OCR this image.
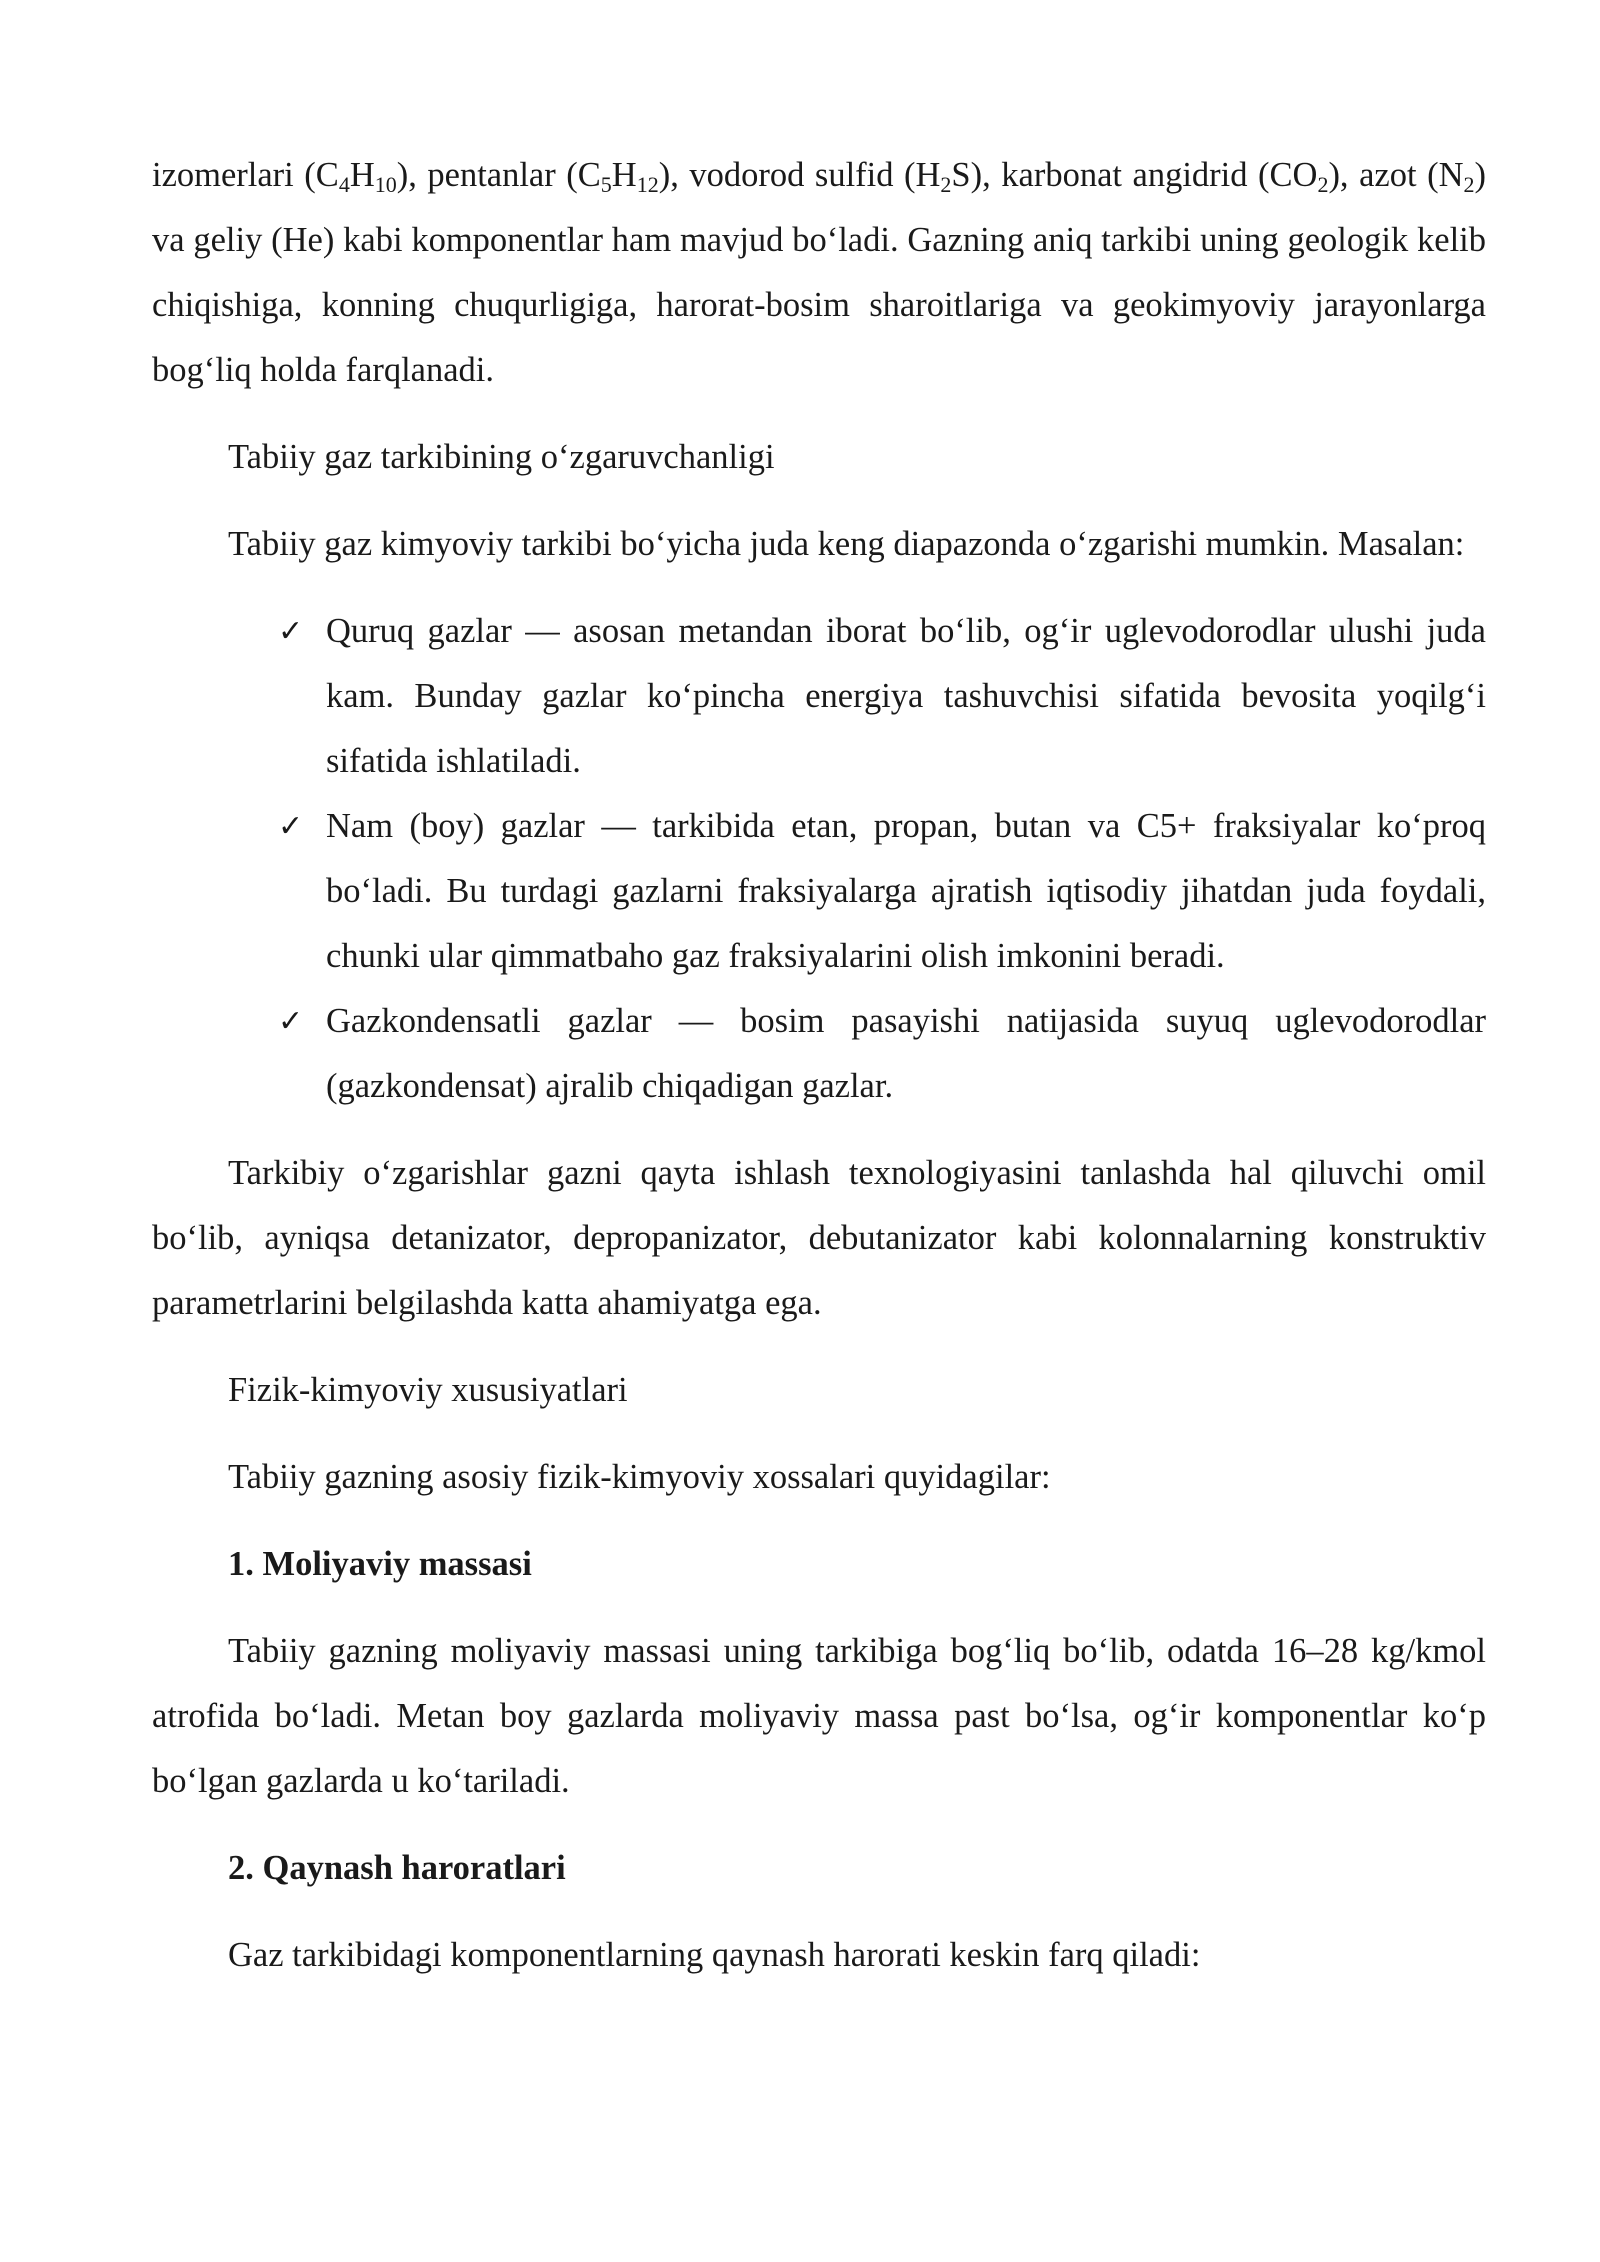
izomerlari $(C_4H_{10})$, pentanlar $(C_5H_{12})$, vodorod sulfid $(H_2S)$, karbonat angidrid $(CO_2)$, azot $(N_2)$ va geliy (He) kabi komponentlar ham mavjud bo‘ladi. Gazning aniq tarkibi uning geologik kelib chiqishiga, konning chuqurligiga, harorat-bosim sharoitlariga va geokimyoviy jarayonlarga bog‘liq holda farqlanadi.

Tabiiy gaz tarkibining o‘zgaruvchanligi

Tabiiy gaz kimyoviy tarkibi bo‘yicha juda keng diapazonda o‘zgarishi mumkin. Masalan:

✓ Quruq gazlar — asosan metandan iborat bo‘lib, og‘ir uglevodorodlar ulushi juda kam. Bunday gazlar ko‘pincha energiya tashuvchisi sifatida bevosita yoqilg‘i sifatida ishlatiladi.
✓ Nam (boy) gazlar — tarkibida etan, propan, butan va C5+ fraksiyalar ko‘proq bo‘ladi. Bu turdagi gazlarni fraksiyalarga ajratish iqtisodiy jihatdan juda foydali, chunki ular qimmatbaho gaz fraksiyalarini olish imkonini beradi.
✓ Gazkondensatli gazlar — bosim pasayishi natijasida suyuq uglevodorodlar (gazkondensat) ajralib chiqadigan gazlar.

Tarkibiy o‘zgarishlar gazni qayta ishlash texnologiyasini tanlashda hal qiluvchi omil bo‘lib, ayniqsa detanizator, depropanizator, debutanizator kabi kolonnalarning konstruktiv parametrlarini belgilashda katta ahamiyatga ega.

Fizik-kimyoviy xususiyatlari

Tabiiy gazning asosiy fizik-kimyoviy xossalari quyidagilar:

1. Moliyaviy massasi

Tabiiy gazning moliyaviy massasi uning tarkibiga bog‘liq bo‘lib, odatda 16–28 kg/kmol atrofida bo‘ladi. Metan boy gazlarda moliyaviy massa past bo‘lsa, og‘ir komponentlar ko‘p bo‘lgan gazlarda u ko‘tariladi.

2. Qaynash haroratlari

Gaz tarkibidagi komponentlarning qaynash harorati keskin farq qiladi:
